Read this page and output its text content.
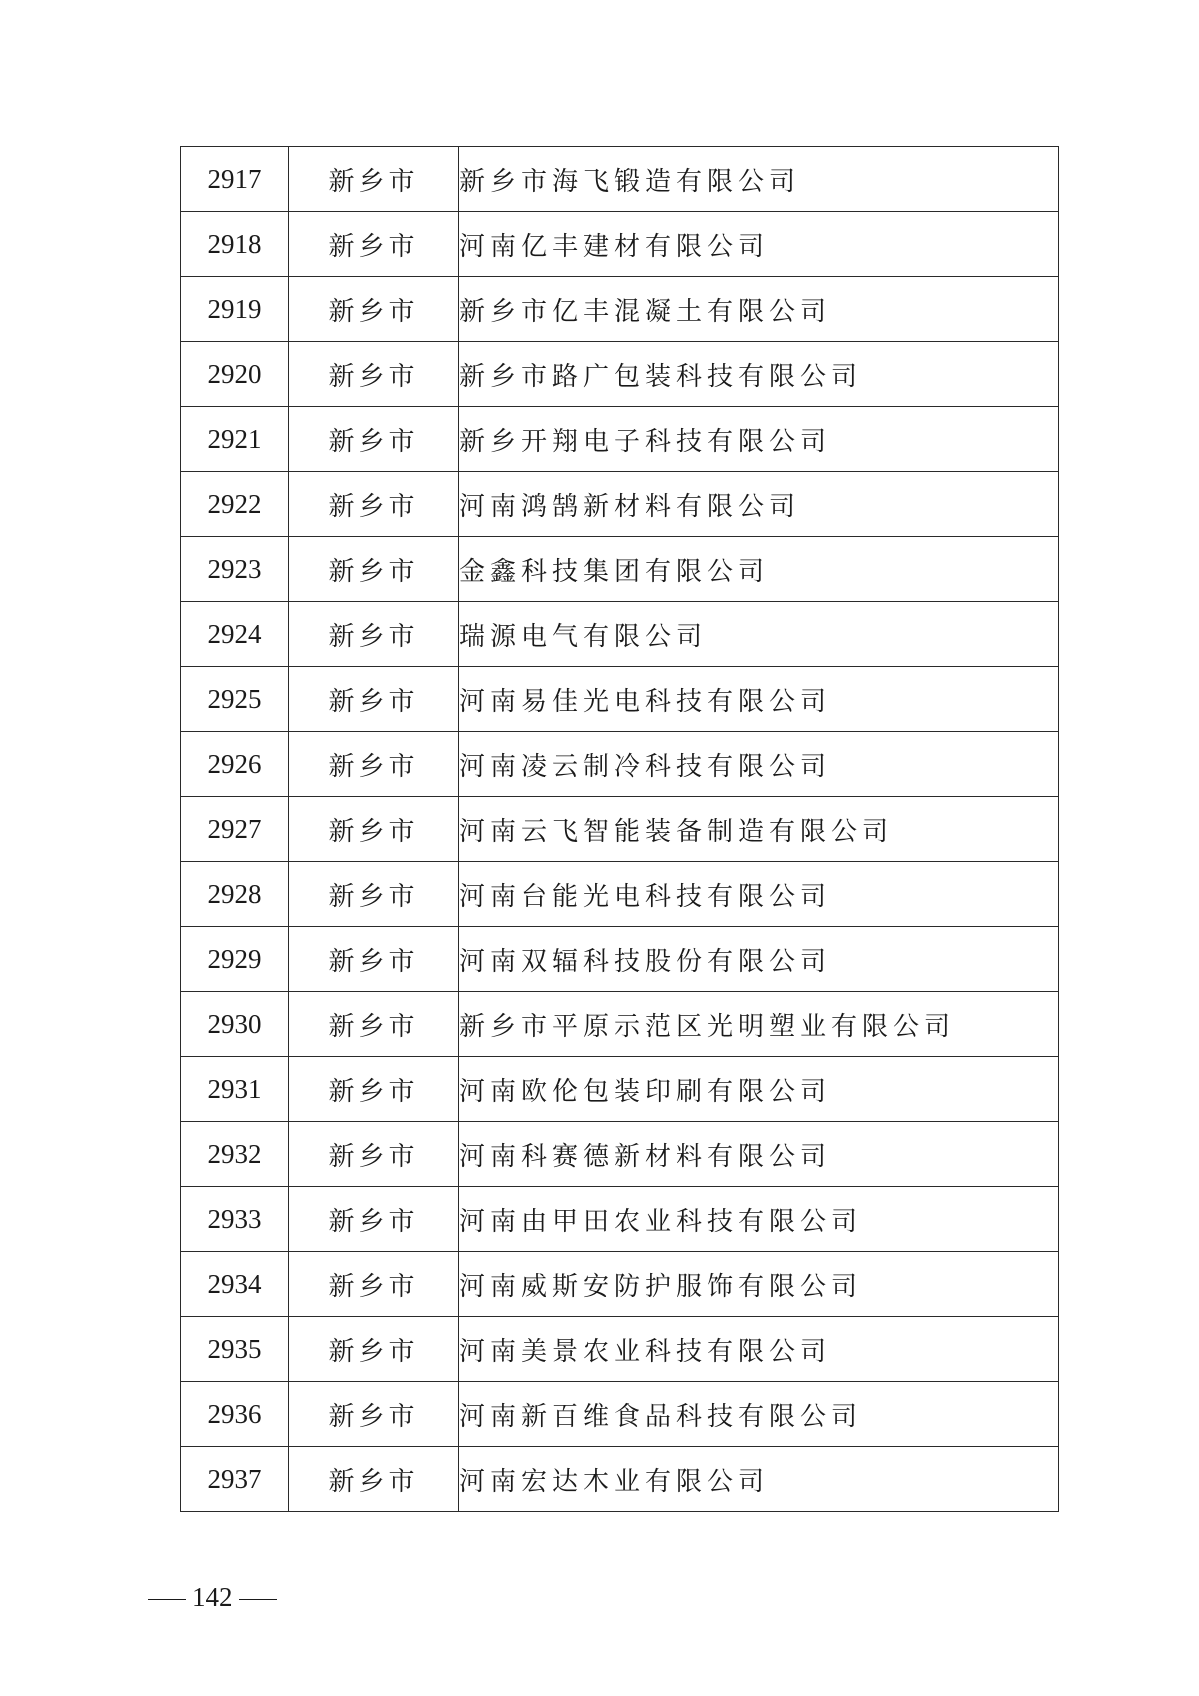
2917	新乡市	新乡市海飞锻造有限公司
2918	新乡市	河南亿丰建材有限公司
2919	新乡市	新乡市亿丰混凝土有限公司
2920	新乡市	新乡市路广包装科技有限公司
2921	新乡市	新乡开翔电子科技有限公司
2922	新乡市	河南鸿鹄新材料有限公司
2923	新乡市	金鑫科技集团有限公司
2924	新乡市	瑞源电气有限公司
2925	新乡市	河南易佳光电科技有限公司
2926	新乡市	河南凌云制冷科技有限公司
2927	新乡市	河南云飞智能装备制造有限公司
2928	新乡市	河南台能光电科技有限公司
2929	新乡市	河南双辐科技股份有限公司
2930	新乡市	新乡市平原示范区光明塑业有限公司
2931	新乡市	河南欧伦包装印刷有限公司
2932	新乡市	河南科赛德新材料有限公司
2933	新乡市	河南由甲田农业科技有限公司
2934	新乡市	河南威斯安防护服饰有限公司
2935	新乡市	河南美景农业科技有限公司
2936	新乡市	河南新百维食品科技有限公司
2937	新乡市	河南宏达木业有限公司
142
